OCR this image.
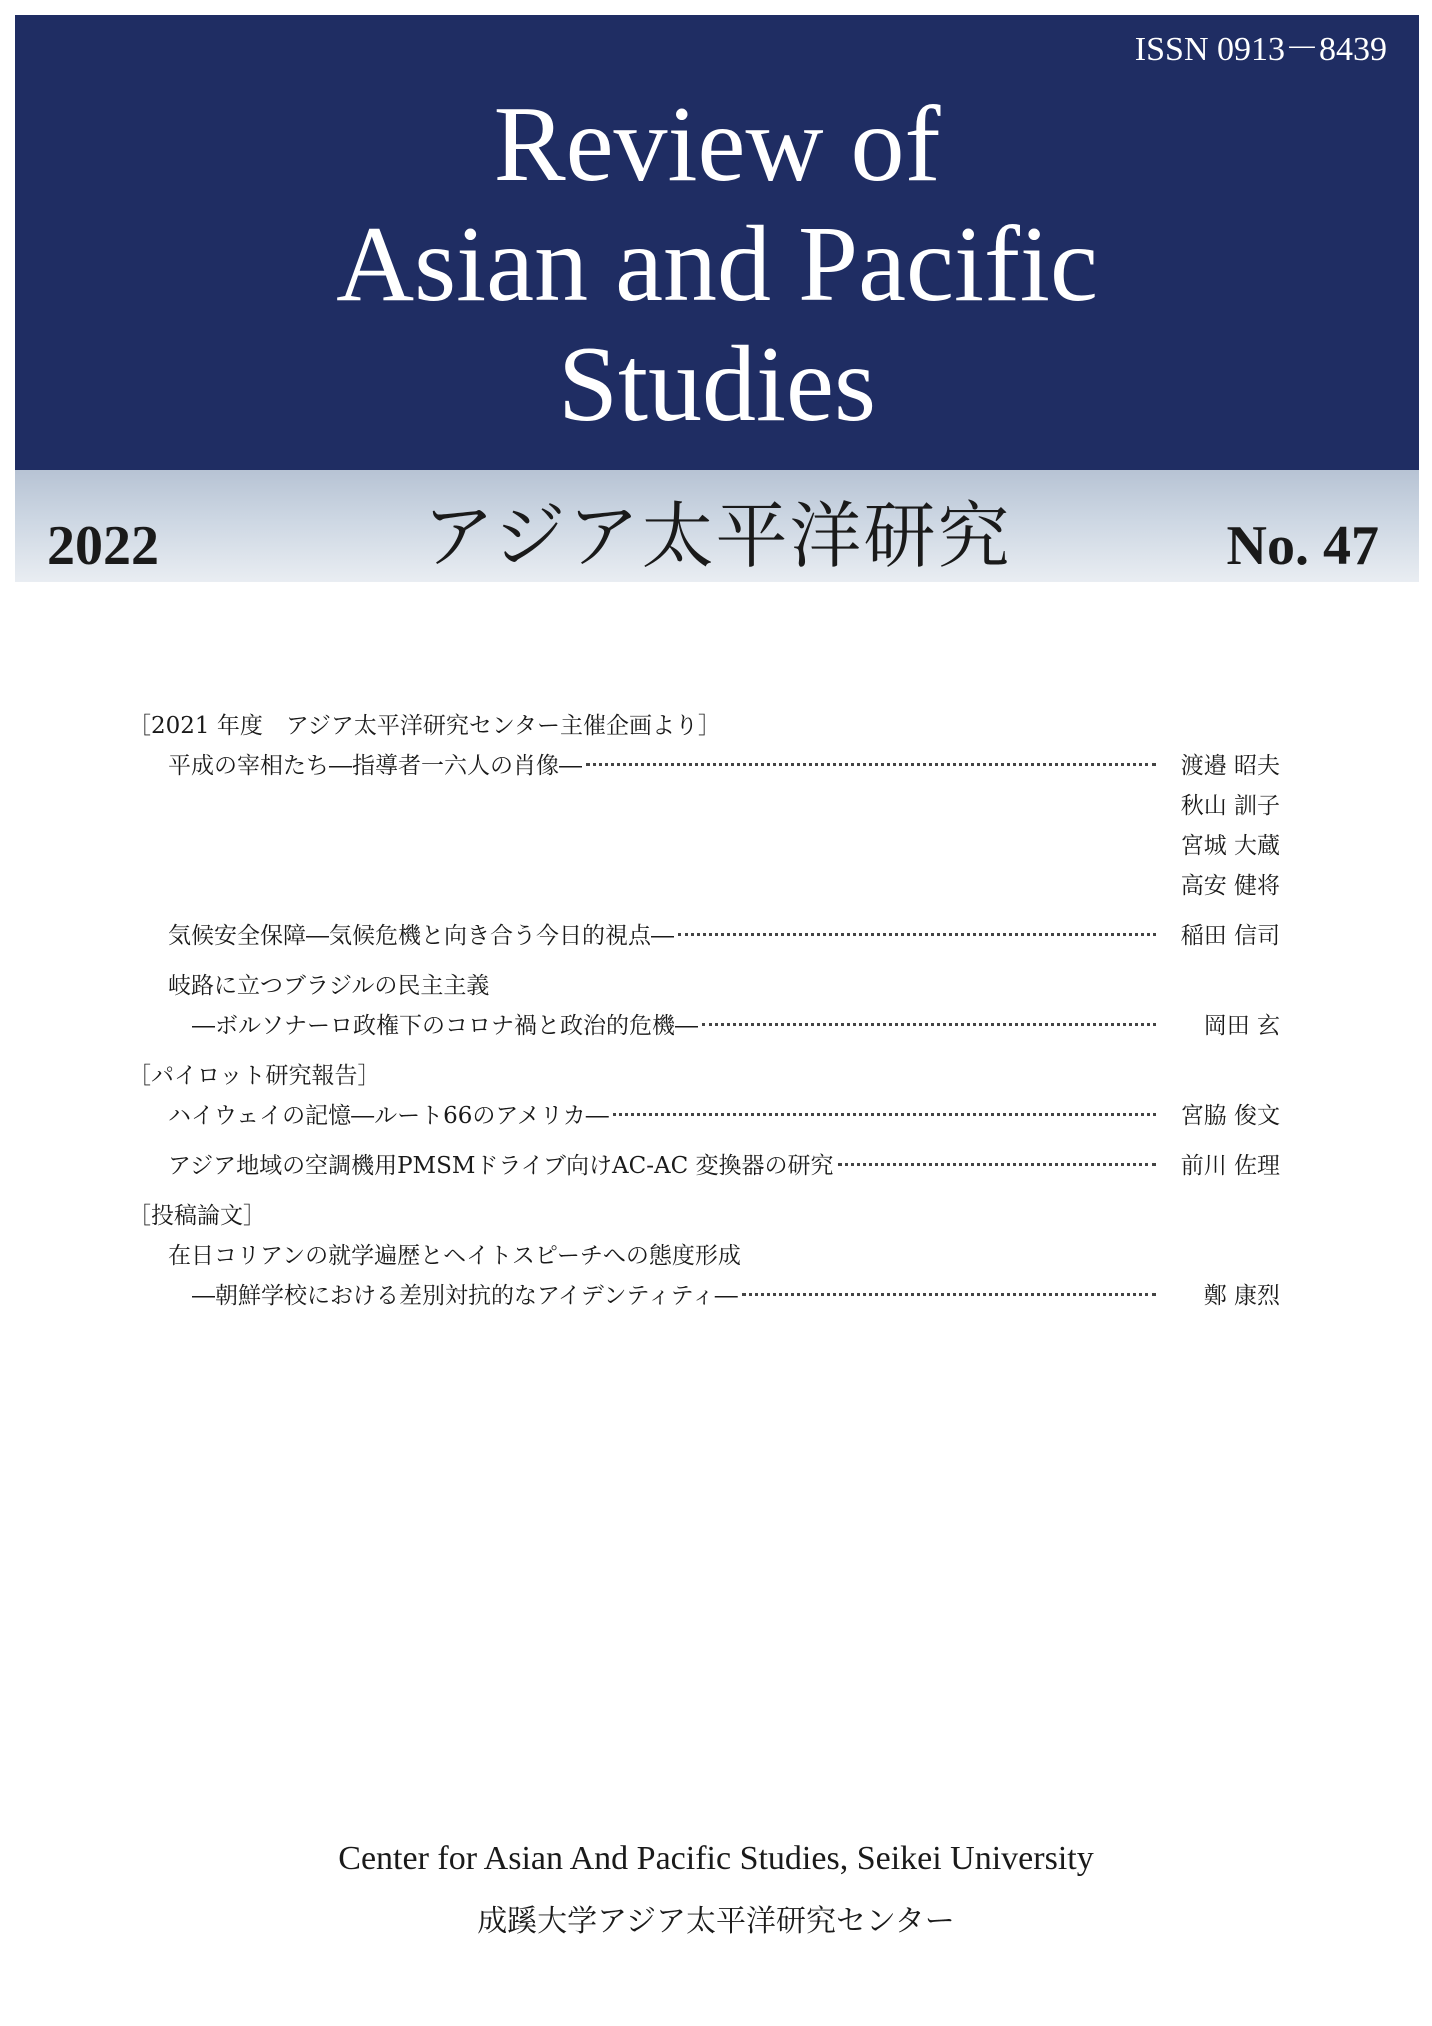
ISSN 0913－8439
Review of
Asian and Pacific
Studies
2022	アジア太平洋研究	No. 47
［2021 年度　アジア太平洋研究センター主催企画より］
平成の宰相たち―指導者一六人の肖像―	渡邉 昭夫
秋山 訓子
宮城 大蔵
高安 健将
気候安全保障―気候危機と向き合う今日的視点―	稲田 信司
岐路に立つブラジルの民主主義
―ボルソナーロ政権下のコロナ禍と政治的危機―	岡田 玄
［パイロット研究報告］
ハイウェイの記憶―ルート66のアメリカ―	宮脇 俊文
アジア地域の空調機用PMSMドライブ向けAC-AC 変換器の研究	前川 佐理
［投稿論文］
在日コリアンの就学遍歴とヘイトスピーチへの態度形成
―朝鮮学校における差別対抗的なアイデンティティ―	鄭 康烈
Center for Asian And Pacific Studies, Seikei University
成蹊大学アジア太平洋研究センター
